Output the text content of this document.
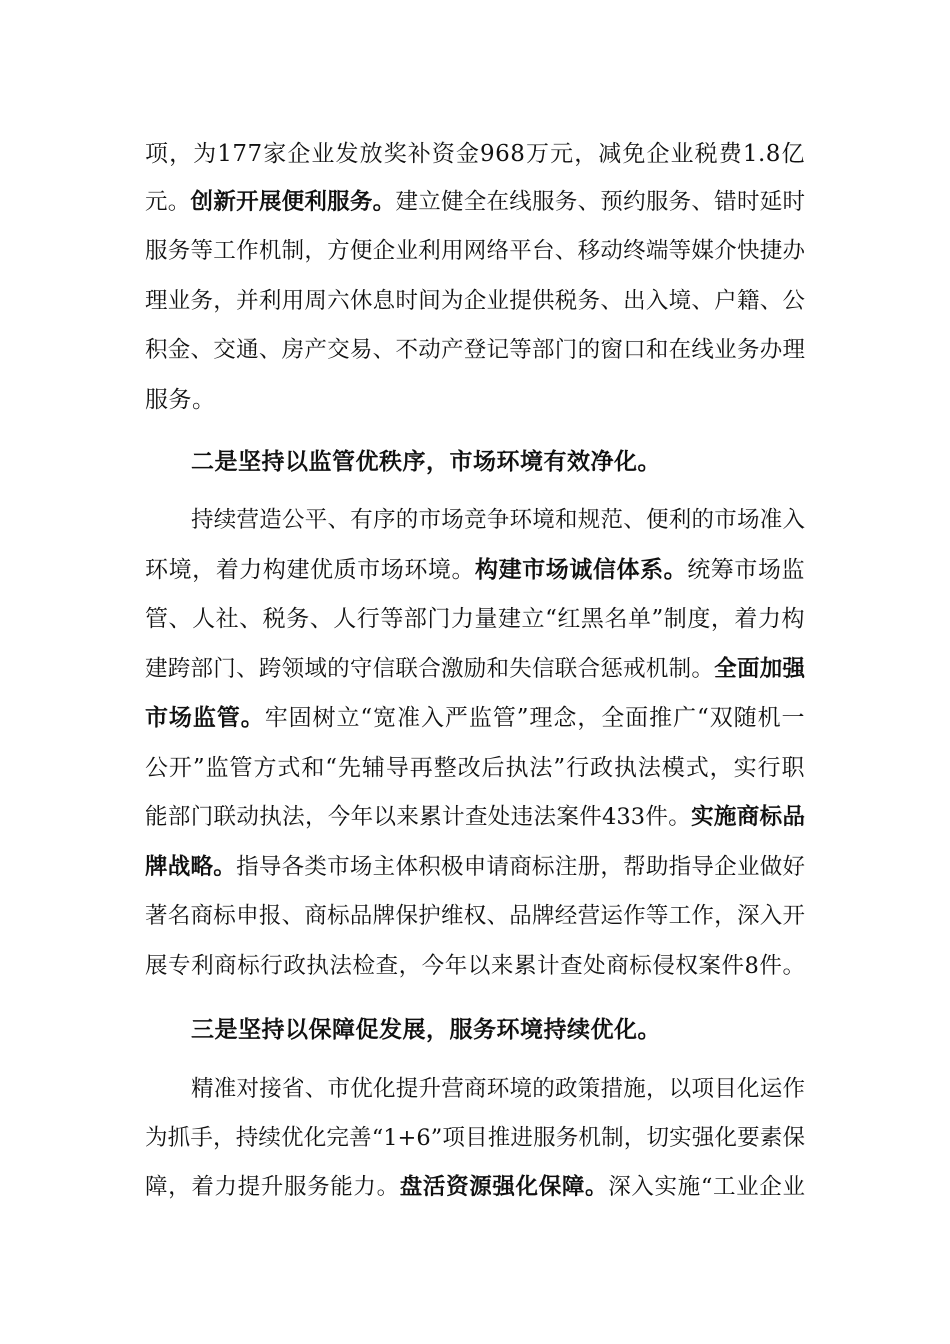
项，为177家企业发放奖补资金968万元，减免企业税费1.8亿
元。创新开展便利服务。建立健全在线服务、预约服务、错时延时
服务等工作机制，方便企业利用网络平台、移动终端等媒介快捷办
理业务，并利用周六休息时间为企业提供税务、出入境、户籍、公
积金、交通、房产交易、不动产登记等部门的窗口和在线业务办理
服务。
二是坚持以监管优秩序，市场环境有效净化。
持续营造公平、有序的市场竞争环境和规范、便利的市场准入
环境，着力构建优质市场环境。构建市场诚信体系。统筹市场监
管、人社、税务、人行等部门力量建立“红黑名单”制度，着力构
建跨部门、跨领域的守信联合激励和失信联合惩戒机制。全面加强
市场监管。牢固树立“宽准入严监管”理念，全面推广“双随机一
公开”监管方式和“先辅导再整改后执法”行政执法模式，实行职
能部门联动执法，今年以来累计查处违法案件433件。实施商标品
牌战略。指导各类市场主体积极申请商标注册，帮助指导企业做好
著名商标申报、商标品牌保护维权、品牌经营运作等工作，深入开
展专利商标行政执法检查，今年以来累计查处商标侵权案件8件。
三是坚持以保障促发展，服务环境持续优化。
精准对接省、市优化提升营商环境的政策措施，以项目化运作
为抓手，持续优化完善“1+6”项目推进服务机制，切实强化要素保
障，着力提升服务能力。盘活资源强化保障。深入实施“工业企业
